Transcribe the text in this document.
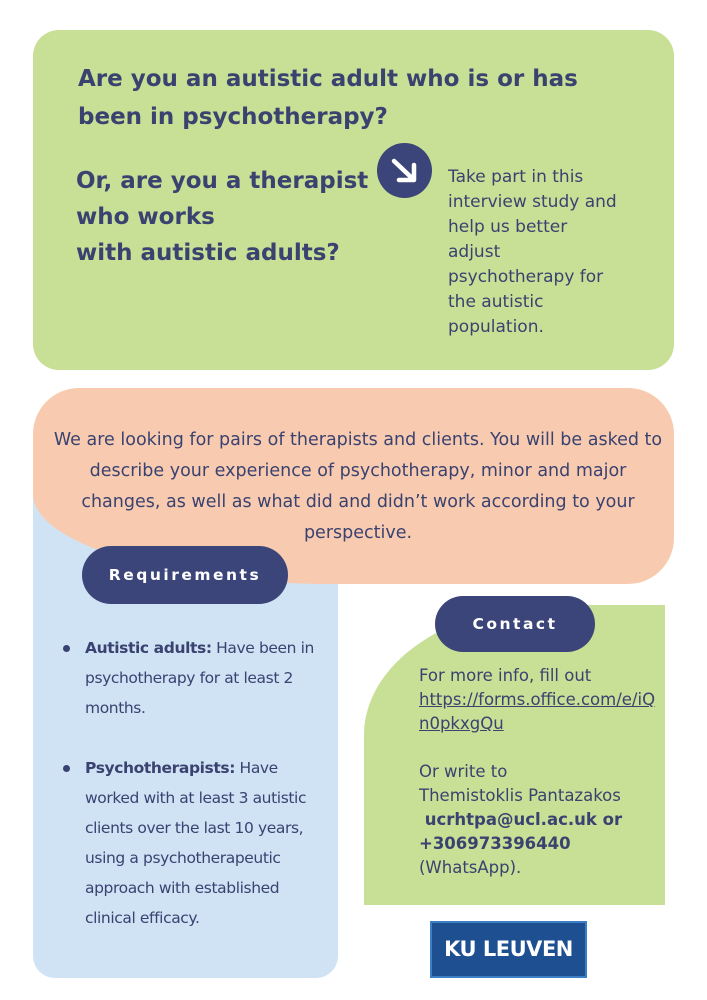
Are you an autistic adult who is or has been in psychotherapy?
Or, are you a therapist
who works
with autistic adults?
Take part in this
interview study and
help us better
adjust
psychotherapy for
the autistic
population.
We are looking for pairs of therapists and clients. You will be asked to describe your experience of psychotherapy, minor and major changes, as well as what did and didn’t work according to your perspective.
Requirements
Autistic adults: Have been in psychotherapy for at least 2 months.
Psychotherapists: Have worked with at least 3 autistic clients over the last 10 years, using a psychotherapeutic approach with established clinical efficacy.
Contact
For more info, fill out
https://forms.office.com/e/iQn0pkxgQu
Or write to
Themistoklis Pantazakos
ucrhtpa@ucl.ac.uk or
+306973396440
(WhatsApp).
KU LEUVEN
